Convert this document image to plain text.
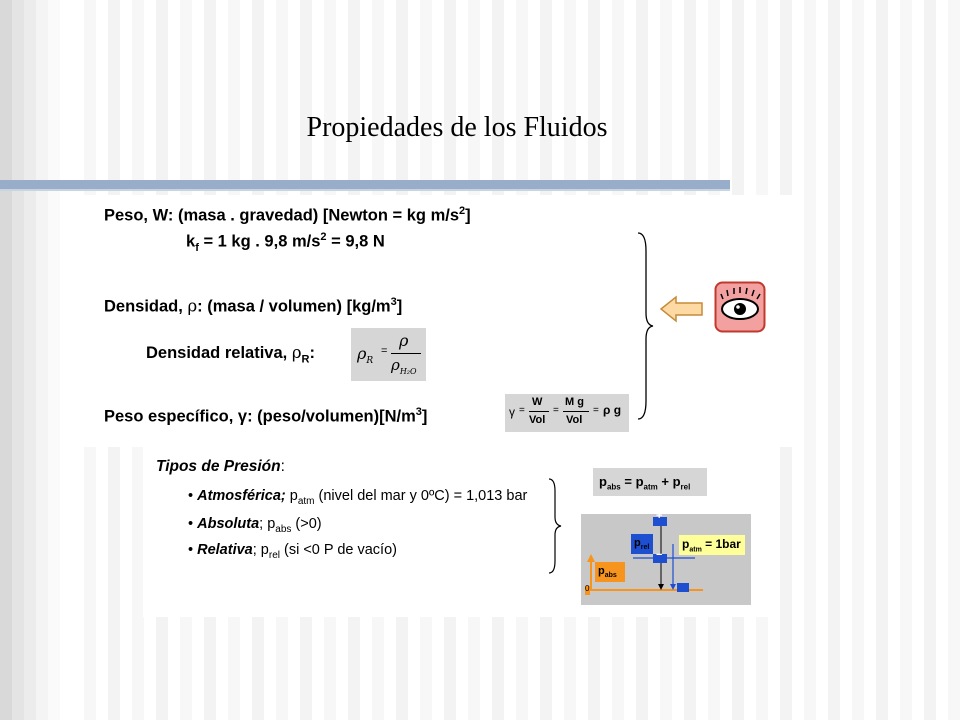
Propiedades de los Fluidos
Peso, W: (masa . gravedad) [Newton = kg $m/s^2$]
$k_f = 1$ kg . 9,8 $m/s^2 = 9,8$ N
Densidad, ρ: (masa / volumen) $[kg/m^3]$
Densidad relativa, $\rho_R$:	$\rho_R$
=
ρ
$\rho_{H_2O}$
Peso específico, γ: $(peso/volumen)[N/m^3]$	γ =
W
Vol
=
M g
Vol
= ρ g
Tipos de Presión:
• Atmosférica; $p_{atm}$ (nivel del mar y 0ºC) = 1,013 bar
• Absoluta; $p_{abs}$ (>0)
• Relativa; $p_{rel}$ (si <0 P de vacío)
$p_{abs} = p_{atm} + p_{rel}$
+
−
$p_{rel}$	$p_{atm} = 1bar$
$p_{abs}$
0
